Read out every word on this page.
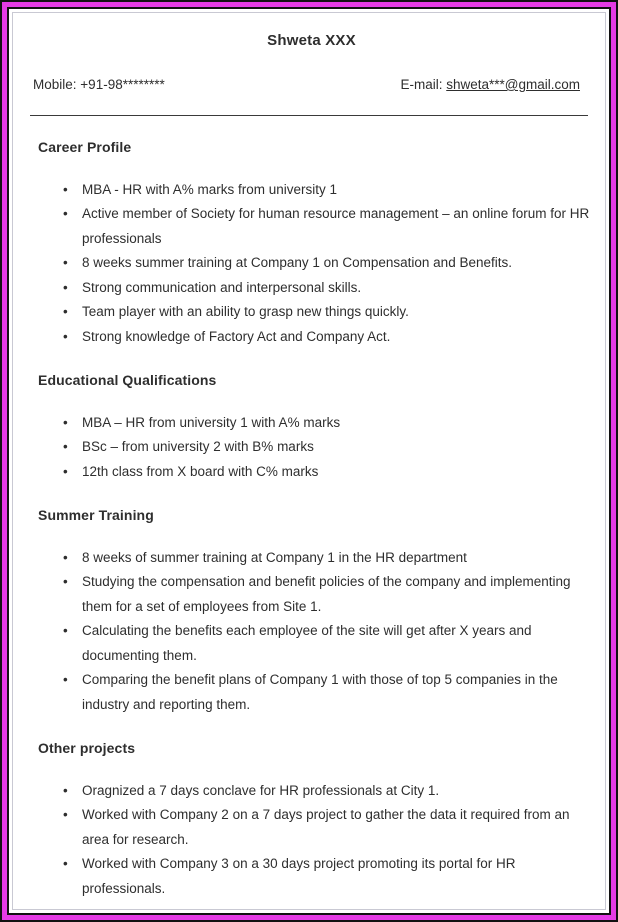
Shweta XXX
Mobile: +91-98********	E-mail: shweta***@gmail.com
Career Profile
• MBA - HR with A% marks from university 1
• Active member of Society for human resource management – an online forum for HR professionals
• 8 weeks summer training at Company 1 on Compensation and Benefits.
• Strong communication and interpersonal skills.
• Team player with an ability to grasp new things quickly.
• Strong knowledge of Factory Act and Company Act.
Educational Qualifications
• MBA – HR from university 1 with A% marks
• BSc – from university 2 with B% marks
• 12th class from X board with C% marks
Summer Training
• 8 weeks of summer training at Company 1 in the HR department
• Studying the compensation and benefit policies of the company and implementing them for a set of employees from Site 1.
• Calculating the benefits each employee of the site will get after X years and documenting them.
• Comparing the benefit plans of Company 1 with those of top 5 companies in the industry and reporting them.
Other projects
• Oragnized a 7 days conclave for HR professionals at City 1.
• Worked with Company 2 on a 7 days project to gather the data it required from an area for research.
• Worked with Company 3 on a 30 days project promoting its portal for HR professionals.
